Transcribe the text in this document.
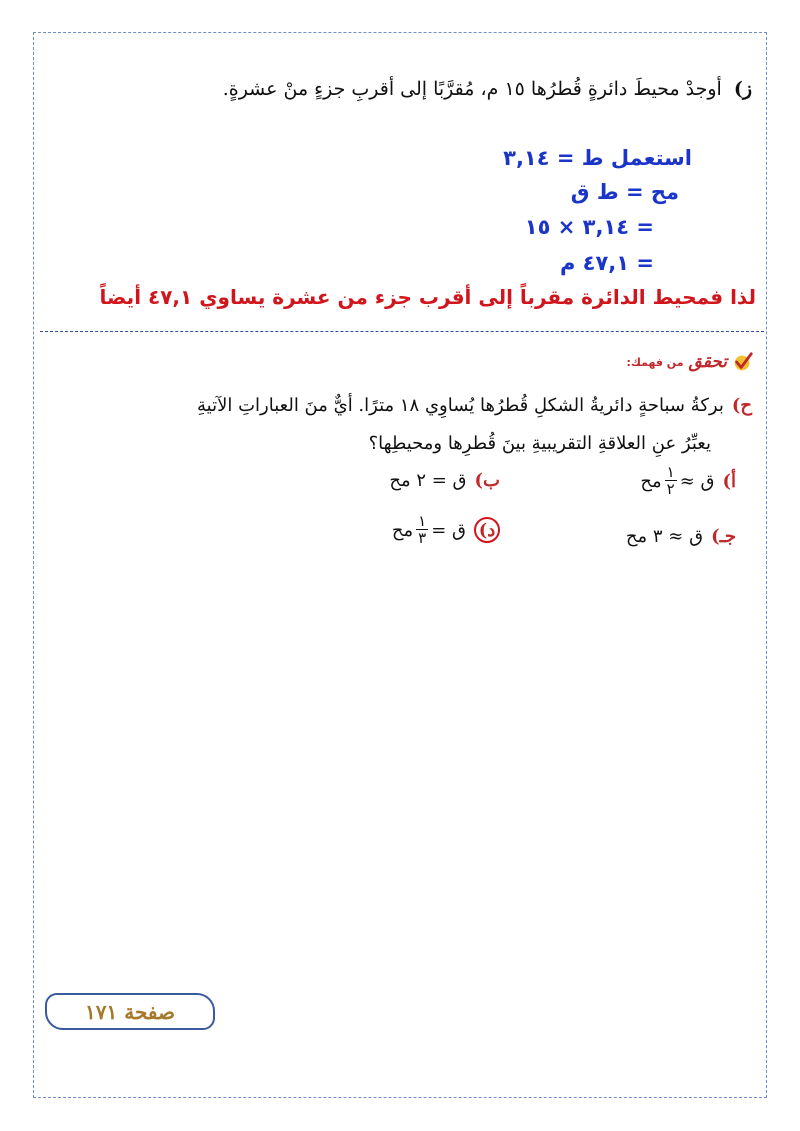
ز)أوجدْ محيطَ دائرةٍ قُطرُها ١٥ م، مُقرَّبًا إلى أقربِ جزءٍ منْ عشرةٍ.
استعمل ط = ٣,١٤
مح = ط ق
= ٣,١٤ × ١٥
= ٤٧,١ م
لذا فمحيط الدائرة مقرباً إلى أقرب جزء من عشرة يساوي ٤٧,١ أيضاً
تحقق
من فهمك:
ح)بركةُ سباحةٍ دائريةُ الشكلِ قُطرُها يُساوِي ١٨ مترًا. أيٌّ منَ العباراتِ الآتيةِ
يعبِّرُ عنِ العلاقةِ التقريبيةِ بينَ قُطرِها ومحيطِها؟
أ)
ق ≈
$\frac{١}{٢}$
مح
ب)
ق = ٢ مح
جـ)
ق ≈ ٣ مح
د)
ق =
$\frac{١}{٣}$
مح
صفحة ١٧١
